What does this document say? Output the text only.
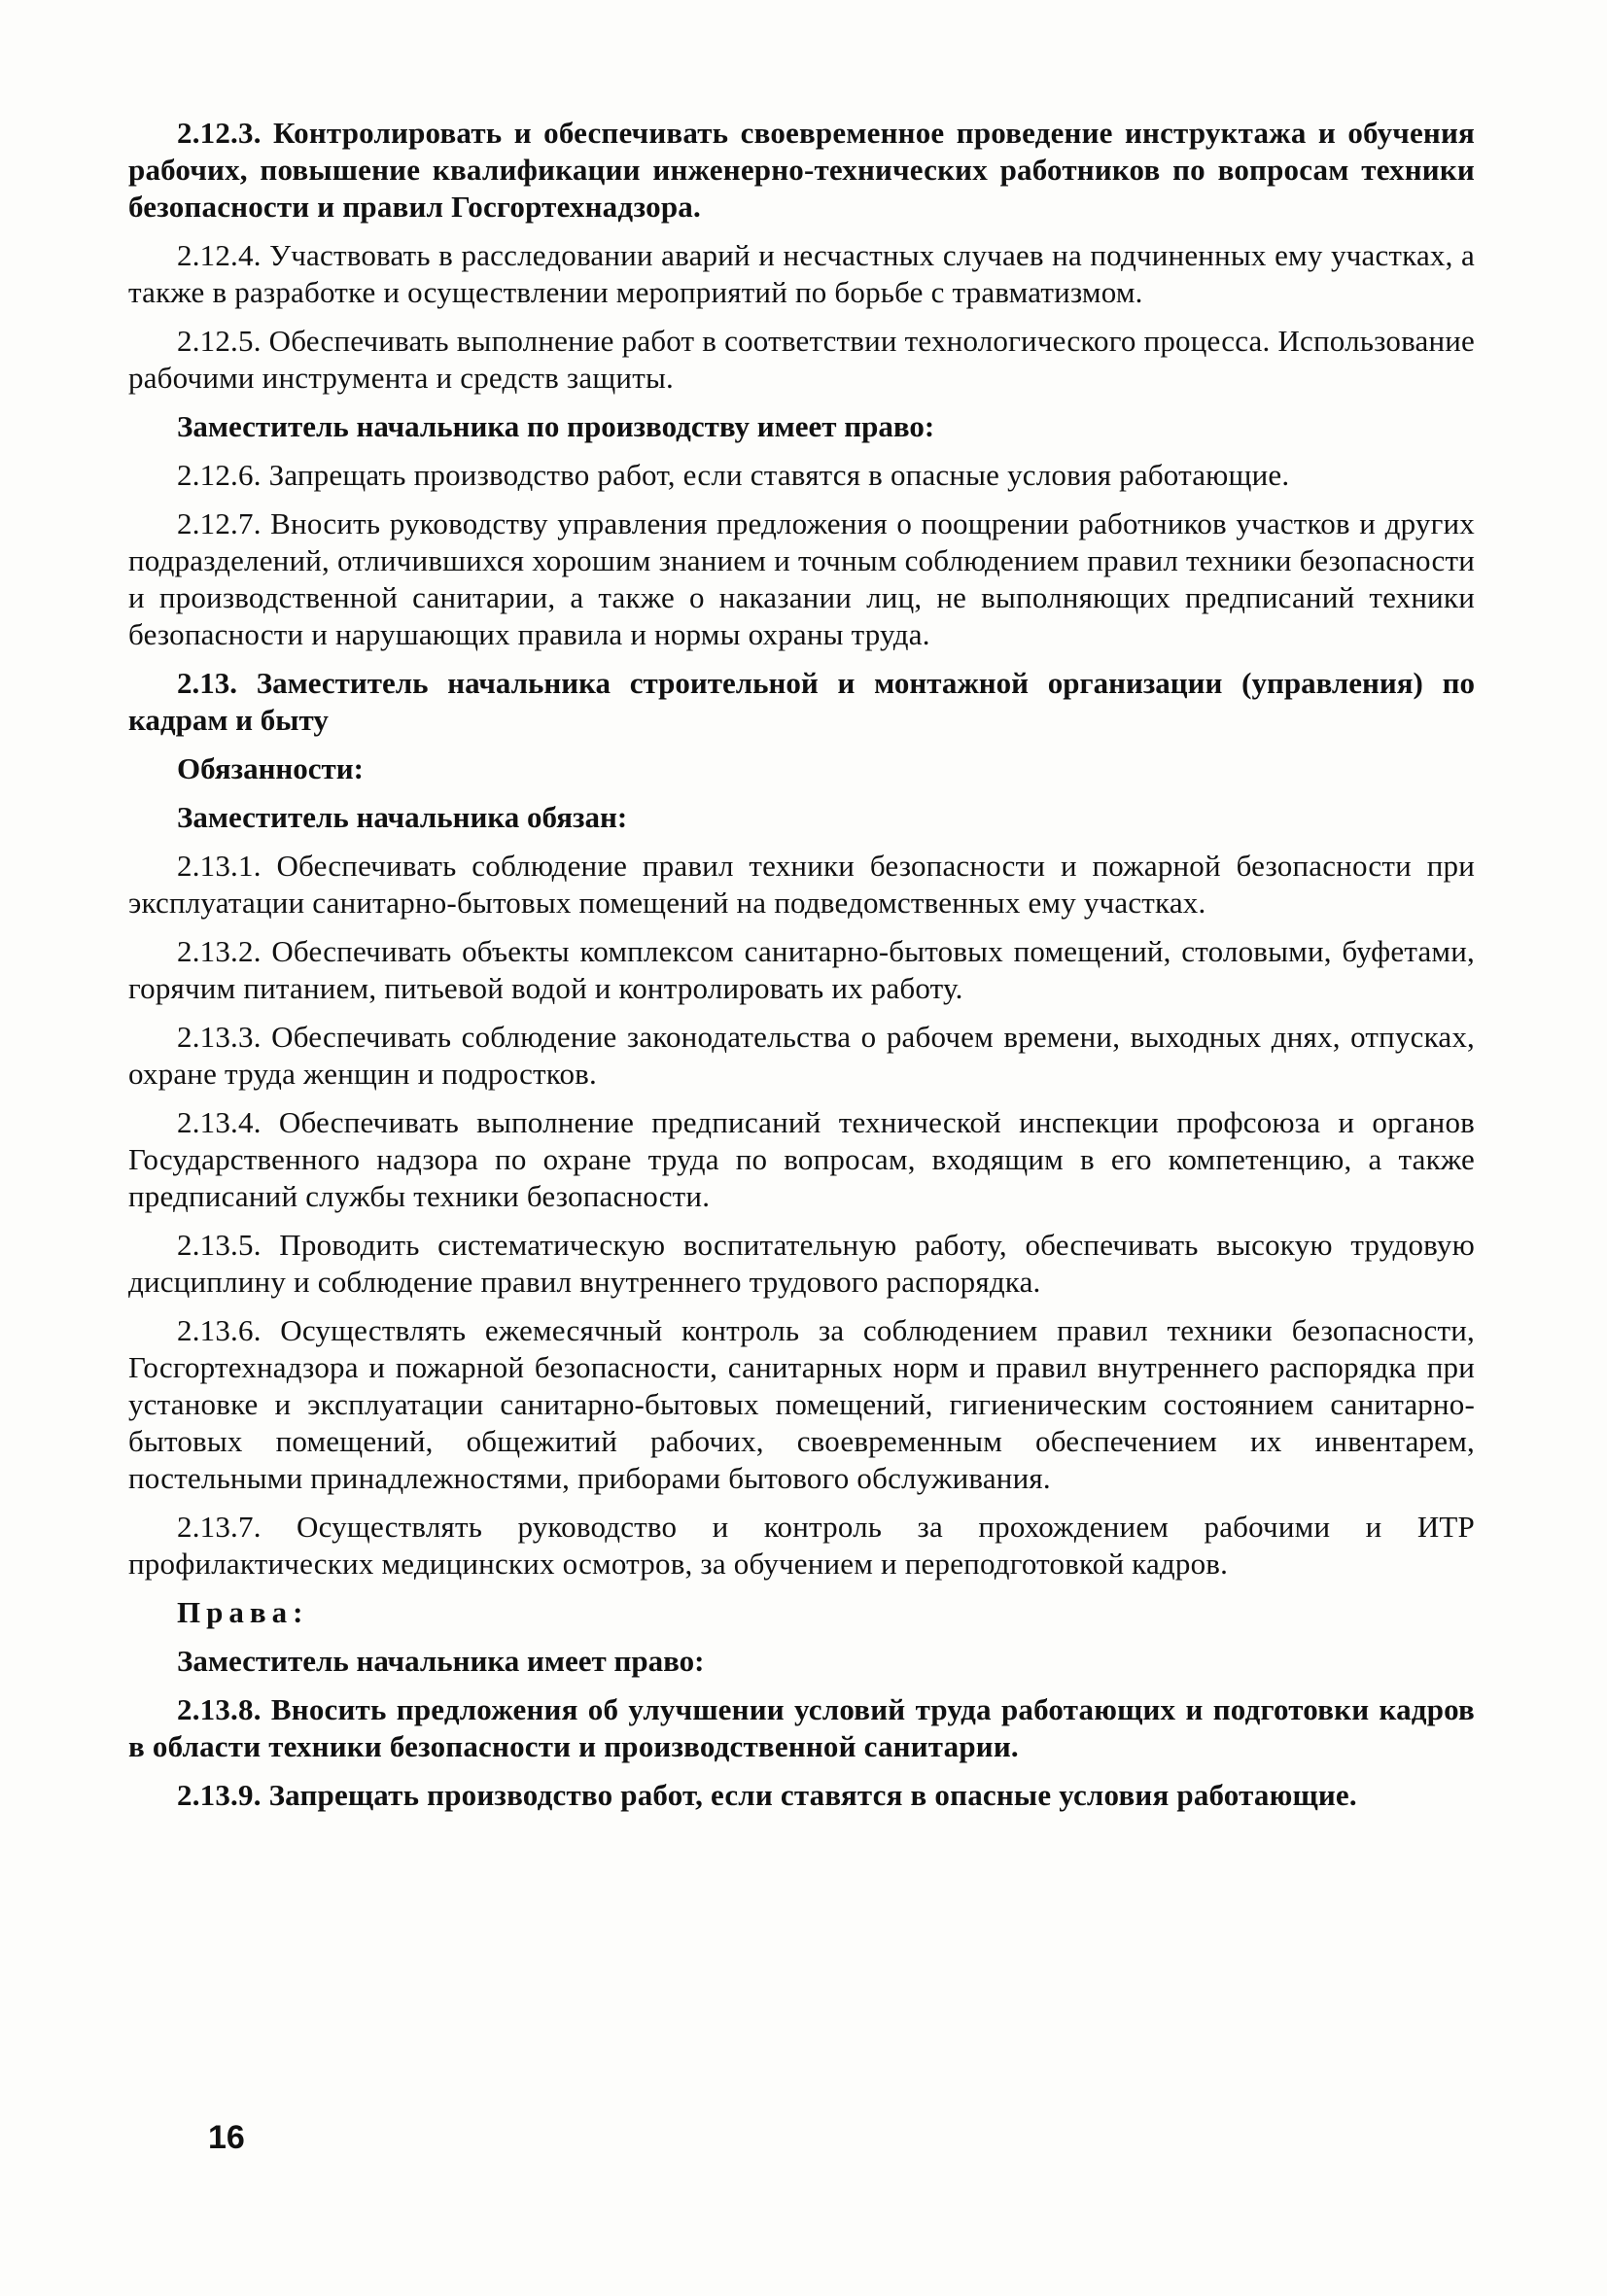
2.12.3. Контролировать и обеспечивать своевременное проведение инструктажа и обучения рабочих, повышение квалификации инженерно-технических работников по вопросам техники безопасности и правил Госгортехнадзора.

2.12.4. Участвовать в расследовании аварий и несчастных случаев на подчиненных ему участках, а также в разработке и осуществлении мероприятий по борьбе с травматизмом.

2.12.5. Обеспечивать выполнение работ в соответствии технологического процесса. Использование рабочими инструмента и средств защиты.

Заместитель начальника по производству имеет право:

2.12.6. Запрещать производство работ, если ставятся в опасные условия работающие.

2.12.7. Вносить руководству управления предложения о поощрении работников участков и других подразделений, отличившихся хорошим знанием и точным соблюдением правил техники безопасности и производственной санитарии, а также о наказании лиц, не выполняющих предписаний техники безопасности и нарушающих правила и нормы охраны труда.

2.13. Заместитель начальника строительной и монтажной организации (управления) по кадрам и быту

Обязанности:

Заместитель начальника обязан:

2.13.1. Обеспечивать соблюдение правил техники безопасности и пожарной безопасности при эксплуатации санитарно-бытовых помещений на подведомственных ему участках.

2.13.2. Обеспечивать объекты комплексом санитарно-бытовых помещений, столовыми, буфетами, горячим питанием, питьевой водой и контролировать их работу.

2.13.3. Обеспечивать соблюдение законодательства о рабочем времени, выходных днях, отпусках, охране труда женщин и подростков.

2.13.4. Обеспечивать выполнение предписаний технической инспекции профсоюза и органов Государственного надзора по охране труда по вопросам, входящим в его компетенцию, а также предписаний службы техники безопасности.

2.13.5. Проводить систематическую воспитательную работу, обеспечивать высокую трудовую дисциплину и соблюдение правил внутреннего трудового распорядка.

2.13.6. Осуществлять ежемесячный контроль за соблюдением правил техники безопасности, Госгортехнадзора и пожарной безопасности, санитарных норм и правил внутреннего распорядка при установке и эксплуатации санитарно-бытовых помещений, гигиеническим состоянием санитарно-бытовых помещений, общежитий рабочих, своевременным обеспечением их инвентарем, постельными принадлежностями, приборами бытового обслуживания.

2.13.7. Осуществлять руководство и контроль за прохождением рабочими и ИТР профилактических медицинских осмотров, за обучением и переподготовкой кадров.

Права:

Заместитель начальника имеет право:

2.13.8. Вносить предложения об улучшении условий труда работающих и подготовки кадров в области техники безопасности и производственной санитарии.

2.13.9. Запрещать производство работ, если ставятся в опасные условия работающие.

16
